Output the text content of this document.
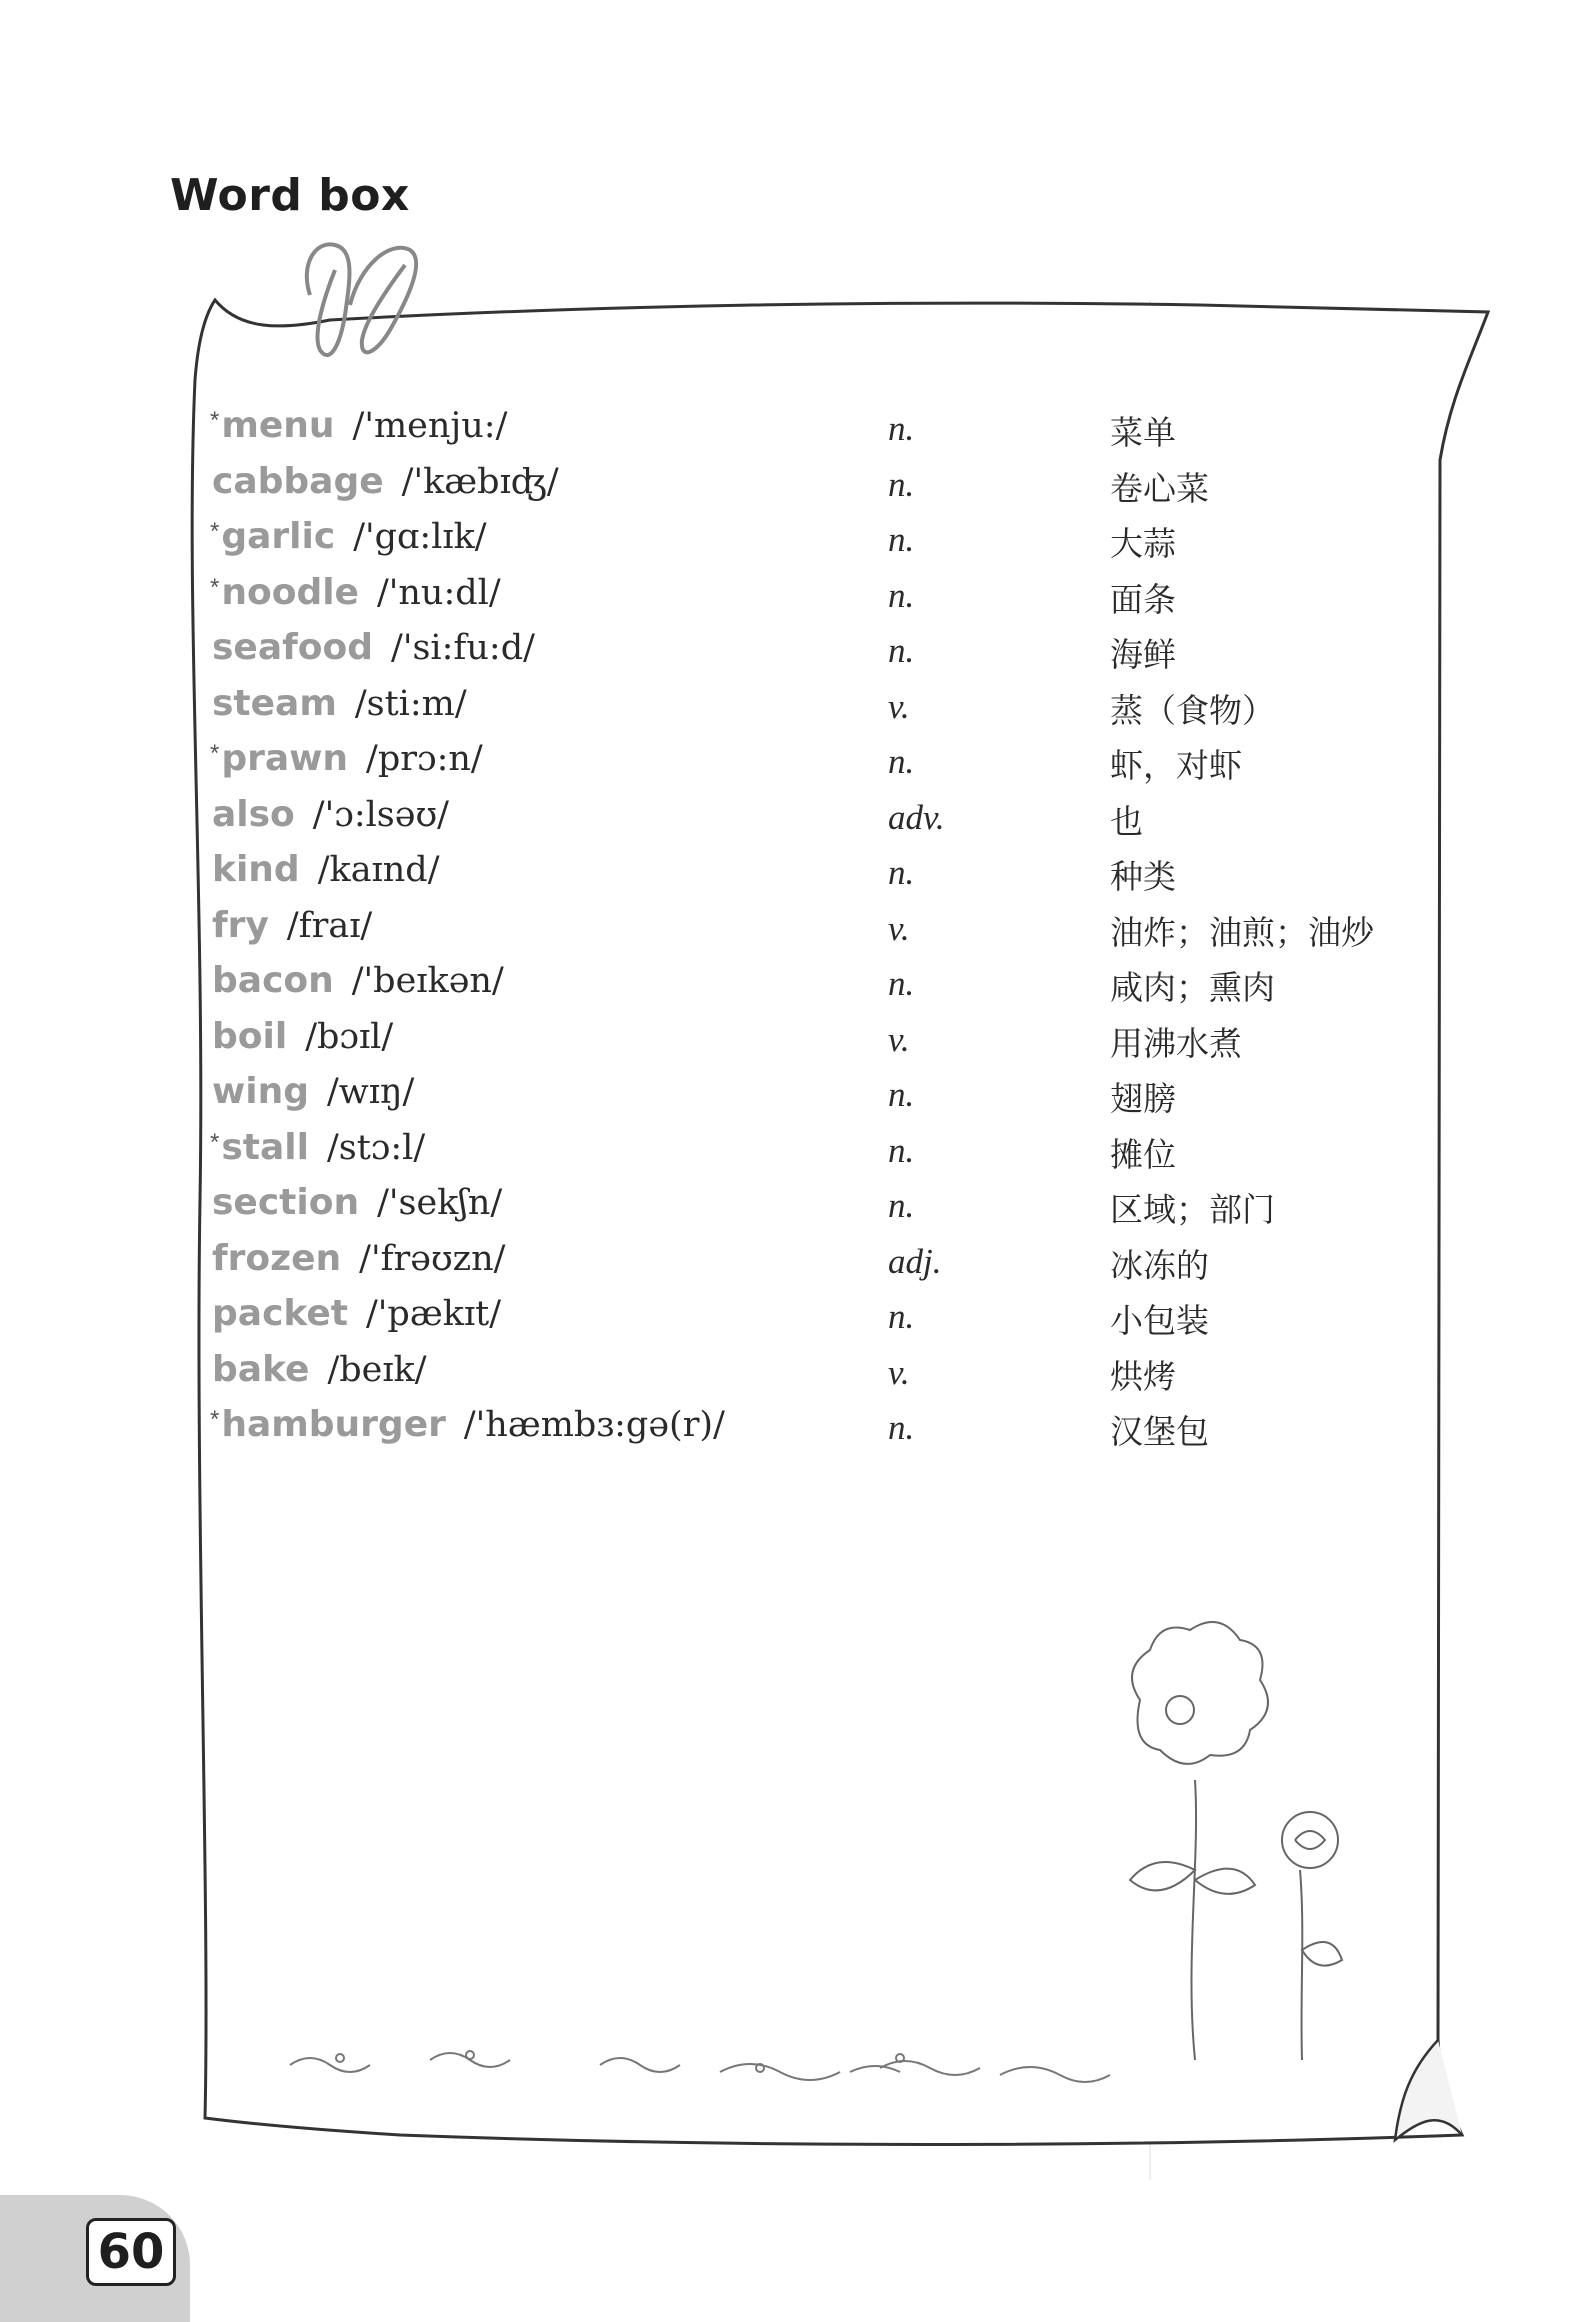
Word box
*menu /'menju:/	n.	菜单
cabbage /'kæbɪʤ/	n.	卷心菜
*garlic /'gɑ:lɪk/	n.	大蒜
*noodle /'nu:dl/	n.	面条
seafood /'si:fu:d/	n.	海鲜
steam /sti:m/	v.	蒸（食物）
*prawn /prɔ:n/	n.	虾，对虾
also /'ɔ:lsəʊ/	adv.	也
kind /kaɪnd/	n.	种类
fry /fraɪ/	v.	油炸；油煎；油炒
bacon /'beɪkən/	n.	咸肉；熏肉
boil /bɔɪl/	v.	用沸水煮
wing /wɪŋ/	n.	翅膀
*stall /stɔ:l/	n.	摊位
section /'sekʃn/	n.	区域；部门
frozen /'frəʊzn/	adj.	冰冻的
packet /'pækɪt/	n.	小包装
bake /beɪk/	v.	烘烤
*hamburger /'hæmbɜ:gə(r)/	n.	汉堡包
60
